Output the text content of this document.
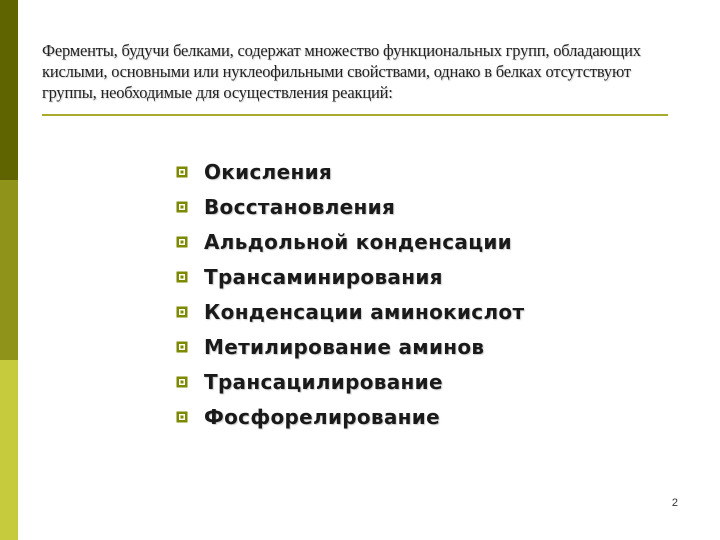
Ферменты, будучи белками, содержат множество функциональных групп, обладающих кислыми, основными или нуклеофильными свойствами, однако в белках отсутствуют группы, необходимые для осуществления реакций:
Окисления
Восстановления
Альдольной конденсации
Трансаминирования
Конденсации аминокислот
Метилирование аминов
Трансацилирование
Фосфорелирование
2
